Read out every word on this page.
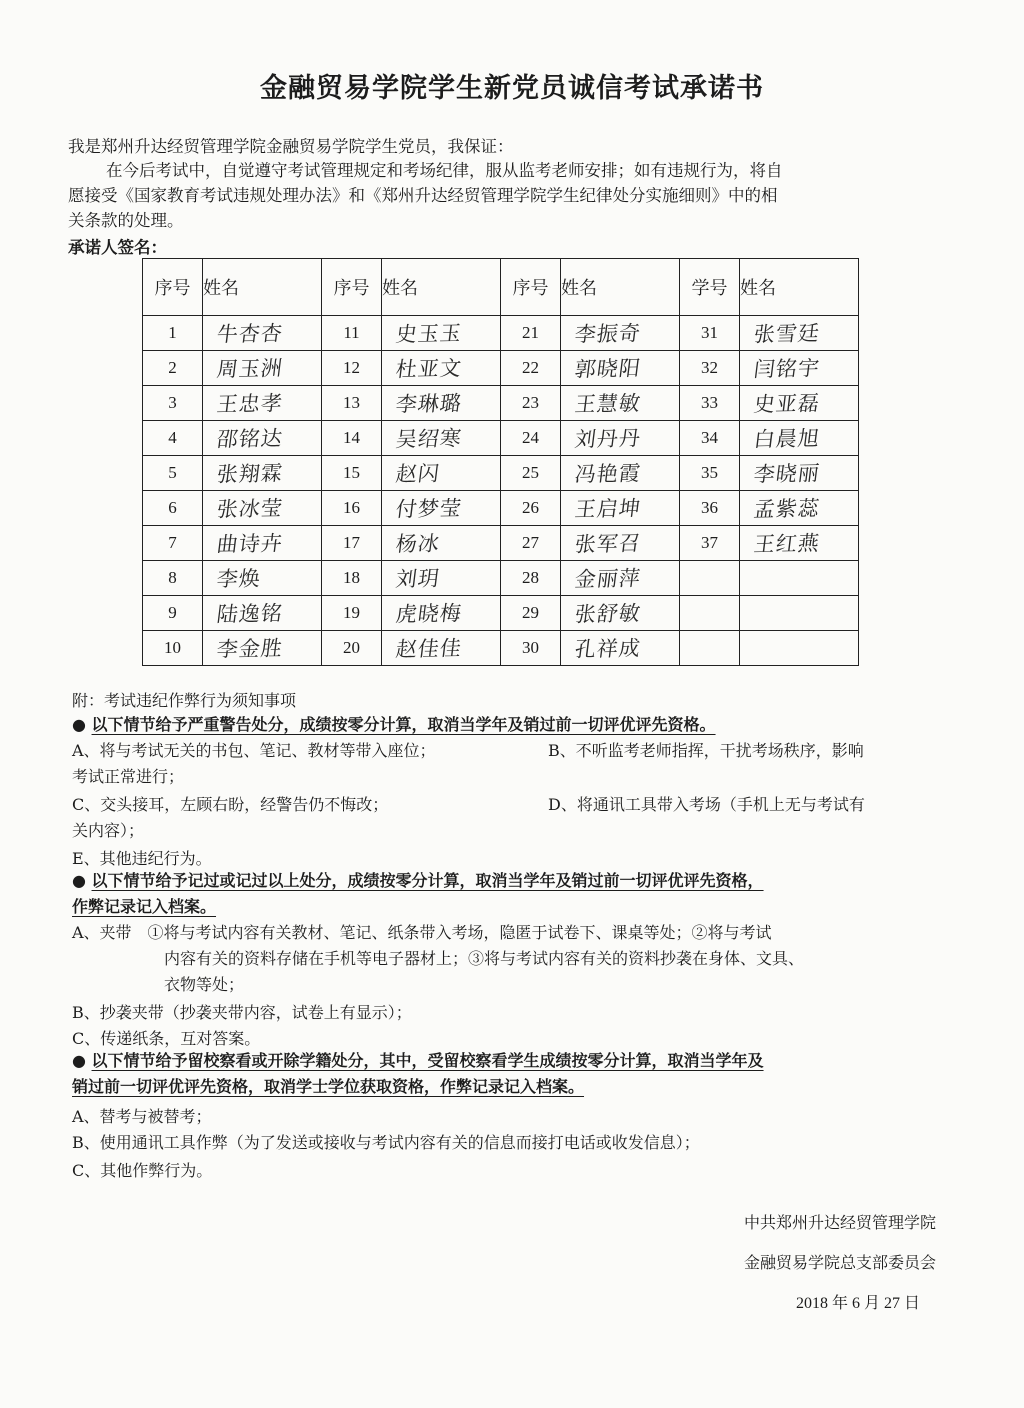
金融贸易学院学生新党员诚信考试承诺书
我是郑州升达经贸管理学院金融贸易学院学生党员，我保证：
在今后考试中，自觉遵守考试管理规定和考场纪律，服从监考老师安排；如有违规行为，将自
愿接受《国家教育考试违规处理办法》和《郑州升达经贸管理学院学生纪律处分实施细则》中的相
关条款的处理。
承诺人签名：
序号	姓名	序号	姓名	序号	姓名	学号	姓名
1	牛杏杏	11	史玉玉	21	李振奇	31	张雪廷
2	周玉洲	12	杜亚文	22	郭晓阳	32	闫铭宇
3	王忠孝	13	李琳璐	23	王慧敏	33	史亚磊
4	邵铭达	14	吴绍寒	24	刘丹丹	34	白晨旭
5	张翔霖	15	赵闪	25	冯艳霞	35	李晓丽
6	张冰莹	16	付梦莹	26	王启坤	36	孟紫蕊
7	曲诗卉	17	杨冰	27	张军召	37	王红燕
8	李焕	18	刘玥	28	金丽萍		
9	陆逸铭	19	虎晓梅	29	张舒敏		
10	李金胜	20	赵佳佳	30	孔祥成		
附：考试违纪作弊行为须知事项
● 以下情节给予严重警告处分，成绩按零分计算，取消当学年及销过前一切评优评先资格。
A、将与考试无关的书包、笔记、教材等带入座位；	B、不听监考老师指挥，干扰考场秩序，影响
考试正常进行；
C、交头接耳，左顾右盼，经警告仍不悔改；	D、将通讯工具带入考场（手机上无与考试有
关内容）；
E、其他违纪行为。
● 以下情节给予记过或记过以上处分，成绩按零分计算，取消当学年及销过前一切评优评先资格，
作弊记录记入档案。
A、夹带　①将与考试内容有关教材、笔记、纸条带入考场，隐匿于试卷下、课桌等处；②将与考试
内容有关的资料存储在手机等电子器材上；③将与考试内容有关的资料抄袭在身体、文具、
衣物等处；
B、抄袭夹带（抄袭夹带内容，试卷上有显示）；
C、传递纸条，互对答案。
● 以下情节给予留校察看或开除学籍处分，其中，受留校察看学生成绩按零分计算，取消当学年及
销过前一切评优评先资格，取消学士学位获取资格，作弊记录记入档案。
A、替考与被替考；
B、使用通讯工具作弊（为了发送或接收与考试内容有关的信息而接打电话或收发信息）；
C、其他作弊行为。
中共郑州升达经贸管理学院
金融贸易学院总支部委员会
2018 年 6 月 27 日
